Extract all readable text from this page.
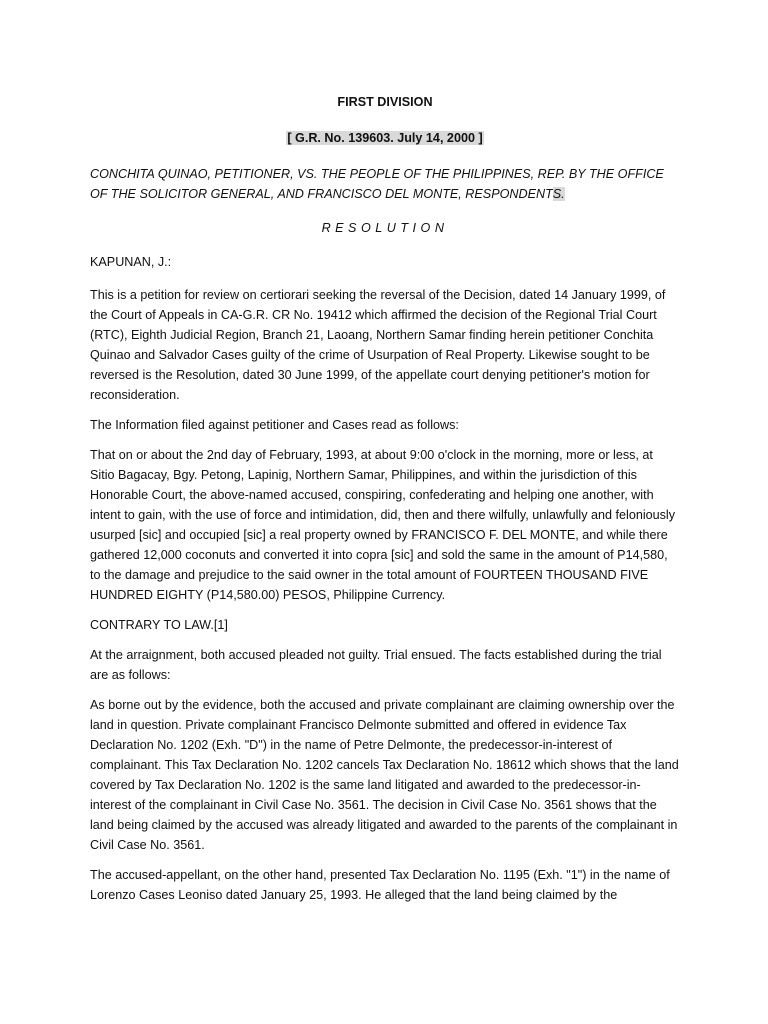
FIRST DIVISION
[ G.R. No. 139603. July 14, 2000 ]
CONCHITA QUINAO, PETITIONER, VS. THE PEOPLE OF THE PHILIPPINES, REP. BY THE OFFICE OF THE SOLICITOR GENERAL, AND FRANCISCO DEL MONTE, RESPONDENTS.
RESOLUTION
KAPUNAN, J.:

This is a petition for review on certiorari seeking the reversal of the Decision, dated 14 January 1999, of the Court of Appeals in CA-G.R. CR No. 19412 which affirmed the decision of the Regional Trial Court (RTC), Eighth Judicial Region, Branch 21, Laoang, Northern Samar finding herein petitioner Conchita Quinao and Salvador Cases guilty of the crime of Usurpation of Real Property. Likewise sought to be reversed is the Resolution, dated 30 June 1999, of the appellate court denying petitioner's motion for reconsideration.

The Information filed against petitioner and Cases read as follows:

That on or about the 2nd day of February, 1993, at about 9:00 o'clock in the morning, more or less, at Sitio Bagacay, Bgy. Petong, Lapinig, Northern Samar, Philippines, and within the jurisdiction of this Honorable Court, the above-named accused, conspiring, confederating and helping one another, with intent to gain, with the use of force and intimidation, did, then and there wilfully, unlawfully and feloniously usurped [sic] and occupied [sic] a real property owned by FRANCISCO F. DEL MONTE, and while there gathered 12,000 coconuts and converted it into copra [sic] and sold the same in the amount of P14,580, to the damage and prejudice to the said owner in the total amount of FOURTEEN THOUSAND FIVE HUNDRED EIGHTY (P14,580.00) PESOS, Philippine Currency.

CONTRARY TO LAW.[1]

At the arraignment, both accused pleaded not guilty. Trial ensued. The facts established during the trial are as follows:

As borne out by the evidence, both the accused and private complainant are claiming ownership over the land in question. Private complainant Francisco Delmonte submitted and offered in evidence Tax Declaration No. 1202 (Exh. "D") in the name of Petre Delmonte, the predecessor-in-interest of complainant. This Tax Declaration No. 1202 cancels Tax Declaration No. 18612 which shows that the land covered by Tax Declaration No. 1202 is the same land litigated and awarded to the predecessor-in-interest of the complainant in Civil Case No. 3561. The decision in Civil Case No. 3561 shows that the land being claimed by the accused was already litigated and awarded to the parents of the complainant in Civil Case No. 3561.

The accused-appellant, on the other hand, presented Tax Declaration No. 1195 (Exh. "1") in the name of Lorenzo Cases Leoniso dated January 25, 1993. He alleged that the land being claimed by the
